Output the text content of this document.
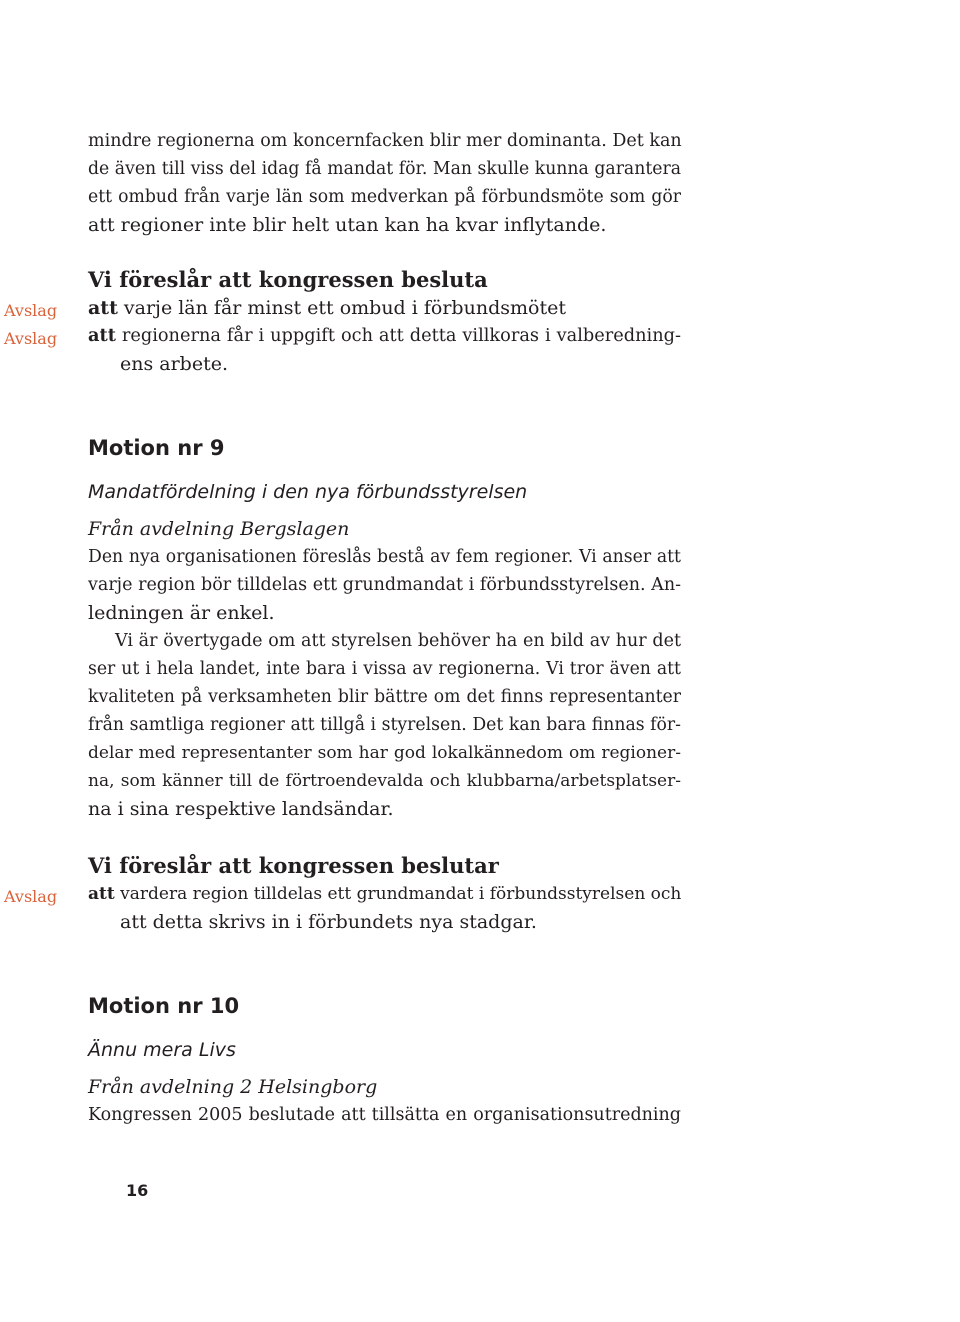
mindre regionerna om koncernfacken blir mer dominanta. Det kan
de även till viss del idag få mandat för. Man skulle kunna garantera
ett ombud från varje län som medverkan på förbundsmöte som gör
att regioner inte blir helt utan kan ha kvar inflytande.
Vi föreslår att kongressen besluta
att varje län får minst ett ombud i förbundsmötet
att regionerna får i uppgift och att detta villkoras i valberedning-
ens arbete.
Avslag
Avslag
Motion nr 9
Mandatfördelning i den nya förbundsstyrelsen
Från avdelning Bergslagen
Den nya organisationen föreslås bestå av fem regioner. Vi anser att
varje region bör tilldelas ett grundmandat i förbundsstyrelsen. An-
ledningen är enkel.
Vi är övertygade om att styrelsen behöver ha en bild av hur det
ser ut i hela landet, inte bara i vissa av regionerna. Vi tror även att
kvaliteten på verksamheten blir bättre om det finns representanter
från samtliga regioner att tillgå i styrelsen. Det kan bara finnas för-
delar med representanter som har god lokalkännedom om regioner-
na, som känner till de förtroendevalda och klubbarna/arbetsplatser-
na i sina respektive landsändar.
Vi föreslår att kongressen beslutar
att vardera region tilldelas ett grundmandat i förbundsstyrelsen och
att detta skrivs in i förbundets nya stadgar.
Avslag
Motion nr 10
Ännu mera Livs
Från avdelning 2 Helsingborg
Kongressen 2005 beslutade att tillsätta en organisationsutredning
16
